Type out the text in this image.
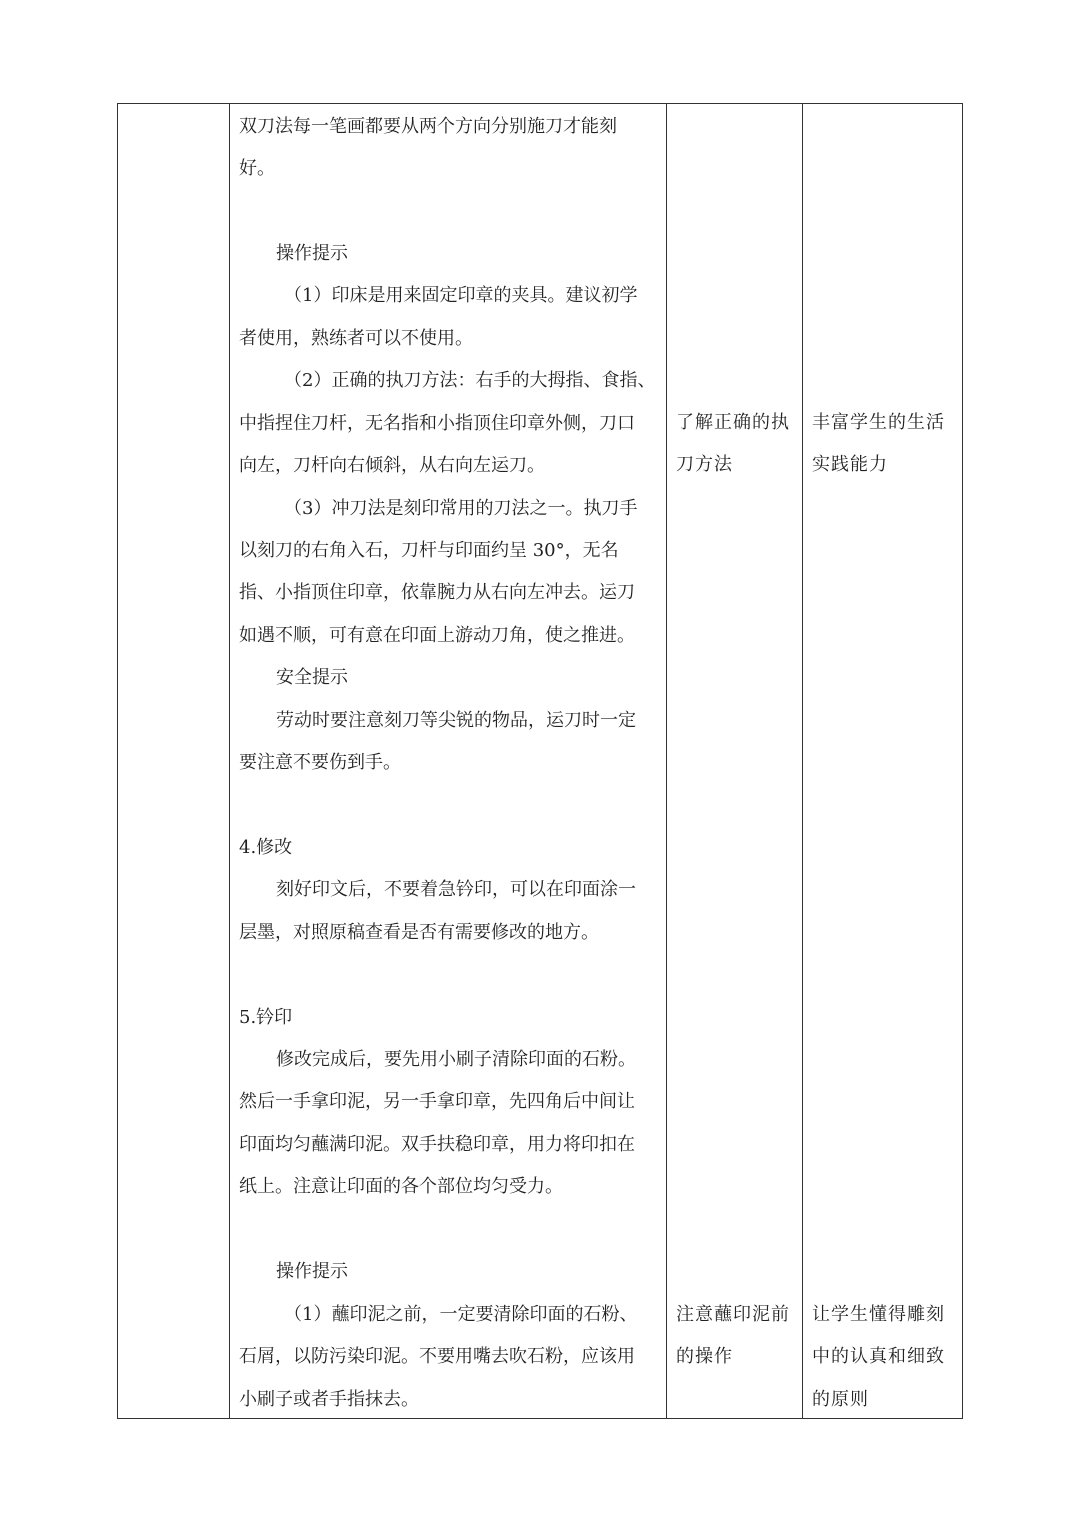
双刀法每一笔画都要从两个方向分别施刀才能刻
好。
操作提示
（1）印床是用来固定印章的夹具。建议初学
者使用，熟练者可以不使用。
（2）正确的执刀方法：右手的大拇指、食指、
中指捏住刀杆，无名指和小指顶住印章外侧，刀口
向左，刀杆向右倾斜，从右向左运刀。
（3）冲刀法是刻印常用的刀法之一。执刀手
以刻刀的右角入石，刀杆与印面约呈 30°，无名
指、小指顶住印章，依靠腕力从右向左冲去。运刀
如遇不顺，可有意在印面上游动刀角，使之推进。
安全提示
劳动时要注意刻刀等尖锐的物品，运刀时一定
要注意不要伤到手。
4.修改
刻好印文后，不要着急钤印，可以在印面涂一
层墨，对照原稿查看是否有需要修改的地方。
5.钤印
修改完成后，要先用小刷子清除印面的石粉。
然后一手拿印泥，另一手拿印章，先四角后中间让
印面均匀蘸满印泥。双手扶稳印章，用力将印扣在
纸上。注意让印面的各个部位均匀受力。
操作提示
（1）蘸印泥之前，一定要清除印面的石粉、
石屑，以防污染印泥。不要用嘴去吹石粉，应该用
小刷子或者手指抹去。
了解正确的执
刀方法
注意蘸印泥前
的操作
丰富学生的生活
实践能力
让学生懂得雕刻
中的认真和细致
的原则
